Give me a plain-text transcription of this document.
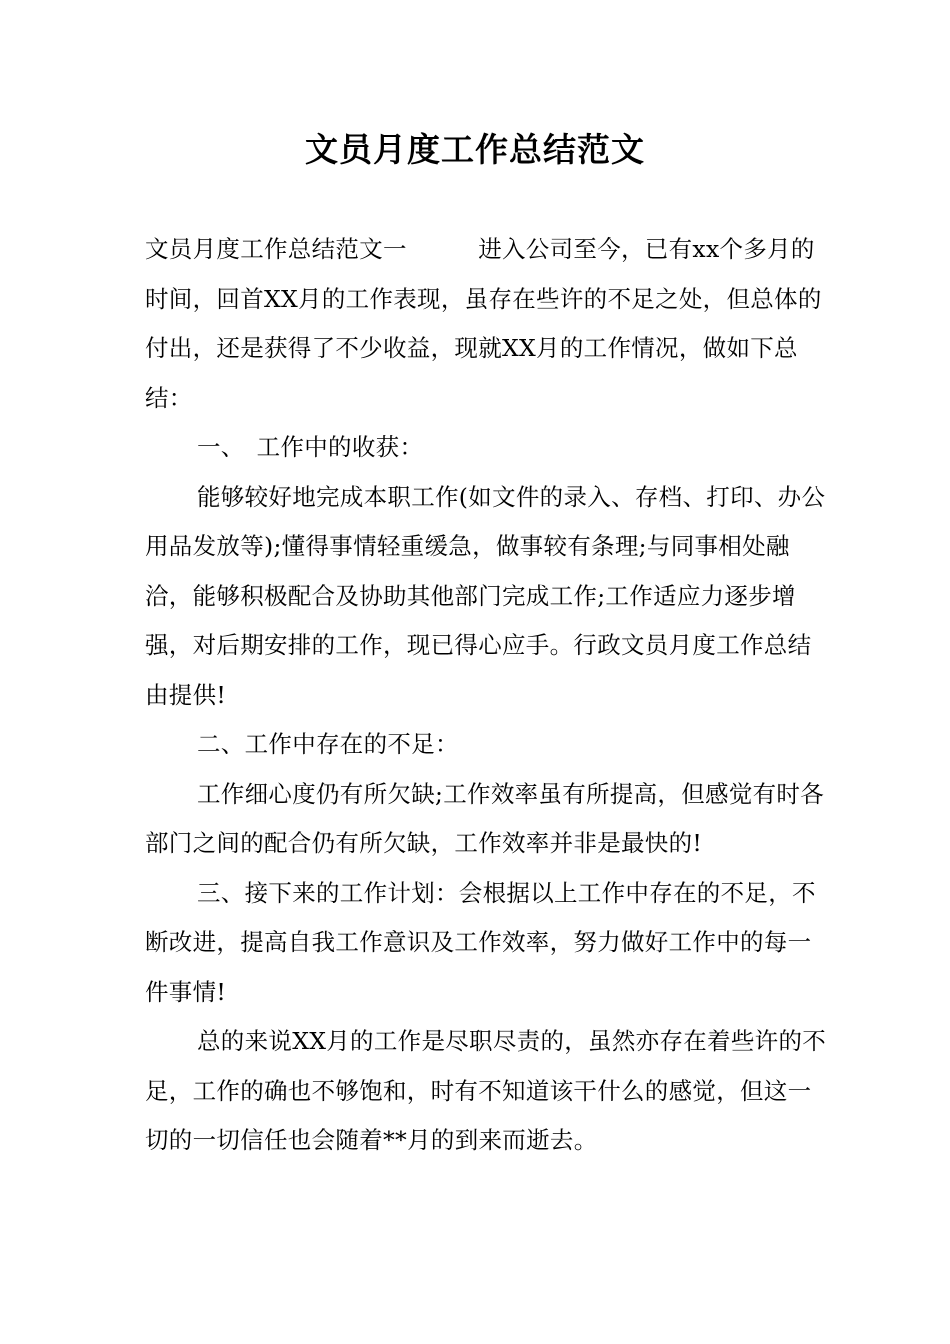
文员月度工作总结范文

文员月度工作总结范文一　　　进入公司至今，已有xx个多月的时间，回首XX月的工作表现，虽存在些许的不足之处，但总体的付出，还是获得了不少收益，现就XX月的工作情况，做如下总结：

一、　工作中的收获：

能够较好地完成本职工作(如文件的录入、存档、打印、办公用品发放等);懂得事情轻重缓急，做事较有条理;与同事相处融洽，能够积极配合及协助其他部门完成工作;工作适应力逐步增强，对后期安排的工作，现已得心应手。行政文员月度工作总结由提供!

二、工作中存在的不足：

工作细心度仍有所欠缺;工作效率虽有所提高，但感觉有时各部门之间的配合仍有所欠缺，工作效率并非是最快的!

三、接下来的工作计划：会根据以上工作中存在的不足，不断改进，提高自我工作意识及工作效率，努力做好工作中的每一件事情!

总的来说XX月的工作是尽职尽责的，虽然亦存在着些许的不足，工作的确也不够饱和，时有不知道该干什么的感觉，但这一切的一切信任也会随着**月的到来而逝去。
